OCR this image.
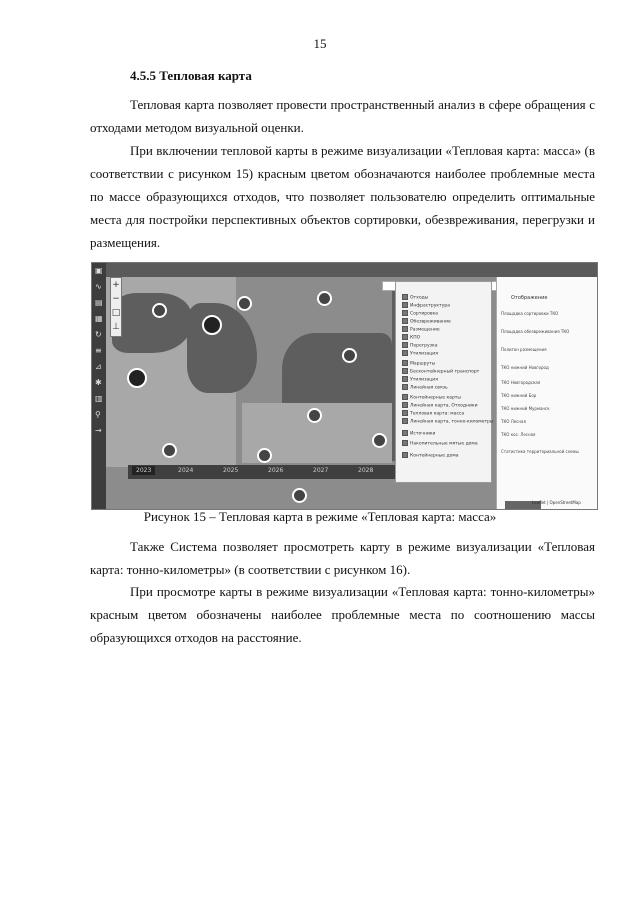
15
4.5.5 Тепловая карта

Тепловая карта позволяет провести пространственный анализ в сфере обращения с отходами методом визуальной оценки.

При включении тепловой карты в режиме визуализации «Тепловая карта: масса» (в соответствии с рисунком 15) красным цветом обозначаются наиболее проблемные места по массе образующихся отходов, что позволяет пользователю определить оптимальные места для постройки перспективных объектов сортировки, обезвреживания, перегрузки и размещения.

▣
∿
▤
▦
↻
≡
⊿
✱
▥
⚲
→
+
−
□
⊥
2023	2024	2025	2026	2027	2028
Отходы
Инфраструктура
Сортировка
Обезвреживание
Размещение
КПО
Перегрузка
Утилизация
Маршруты
Бесконтейнерный транспорт
Утилизация
Линейная связь
Контейнерные карты
Линейная карта, Отходники
Тепловая карта: масса
Линейная карта, тонно-километры
Источники
Накопительные мятые дома
Контейнерные дома
Отображение
Площадка сортировки ТКО
Площадка обезвреживания ТКО
Полигон размещения
ТКО нижний Новгород
ТКО Новгородская
ТКО нижний Бор
ТКО нижний Мурманск
ТКО Лесная
ТКО кос. Лесная
Статистика территориальной схемы
Leaflet | OpenStreetMap
Рисунок 15 – Тепловая карта в режиме «Тепловая карта: масса»

Также Система позволяет просмотреть карту в режиме визуализации «Тепловая карта: тонно-километры» (в соответствии с рисунком 16).

При просмотре карты в режиме визуализации «Тепловая карта: тонно-километры» красным цветом обозначены наиболее проблемные места по соотношению массы образующихся отходов на расстояние.
